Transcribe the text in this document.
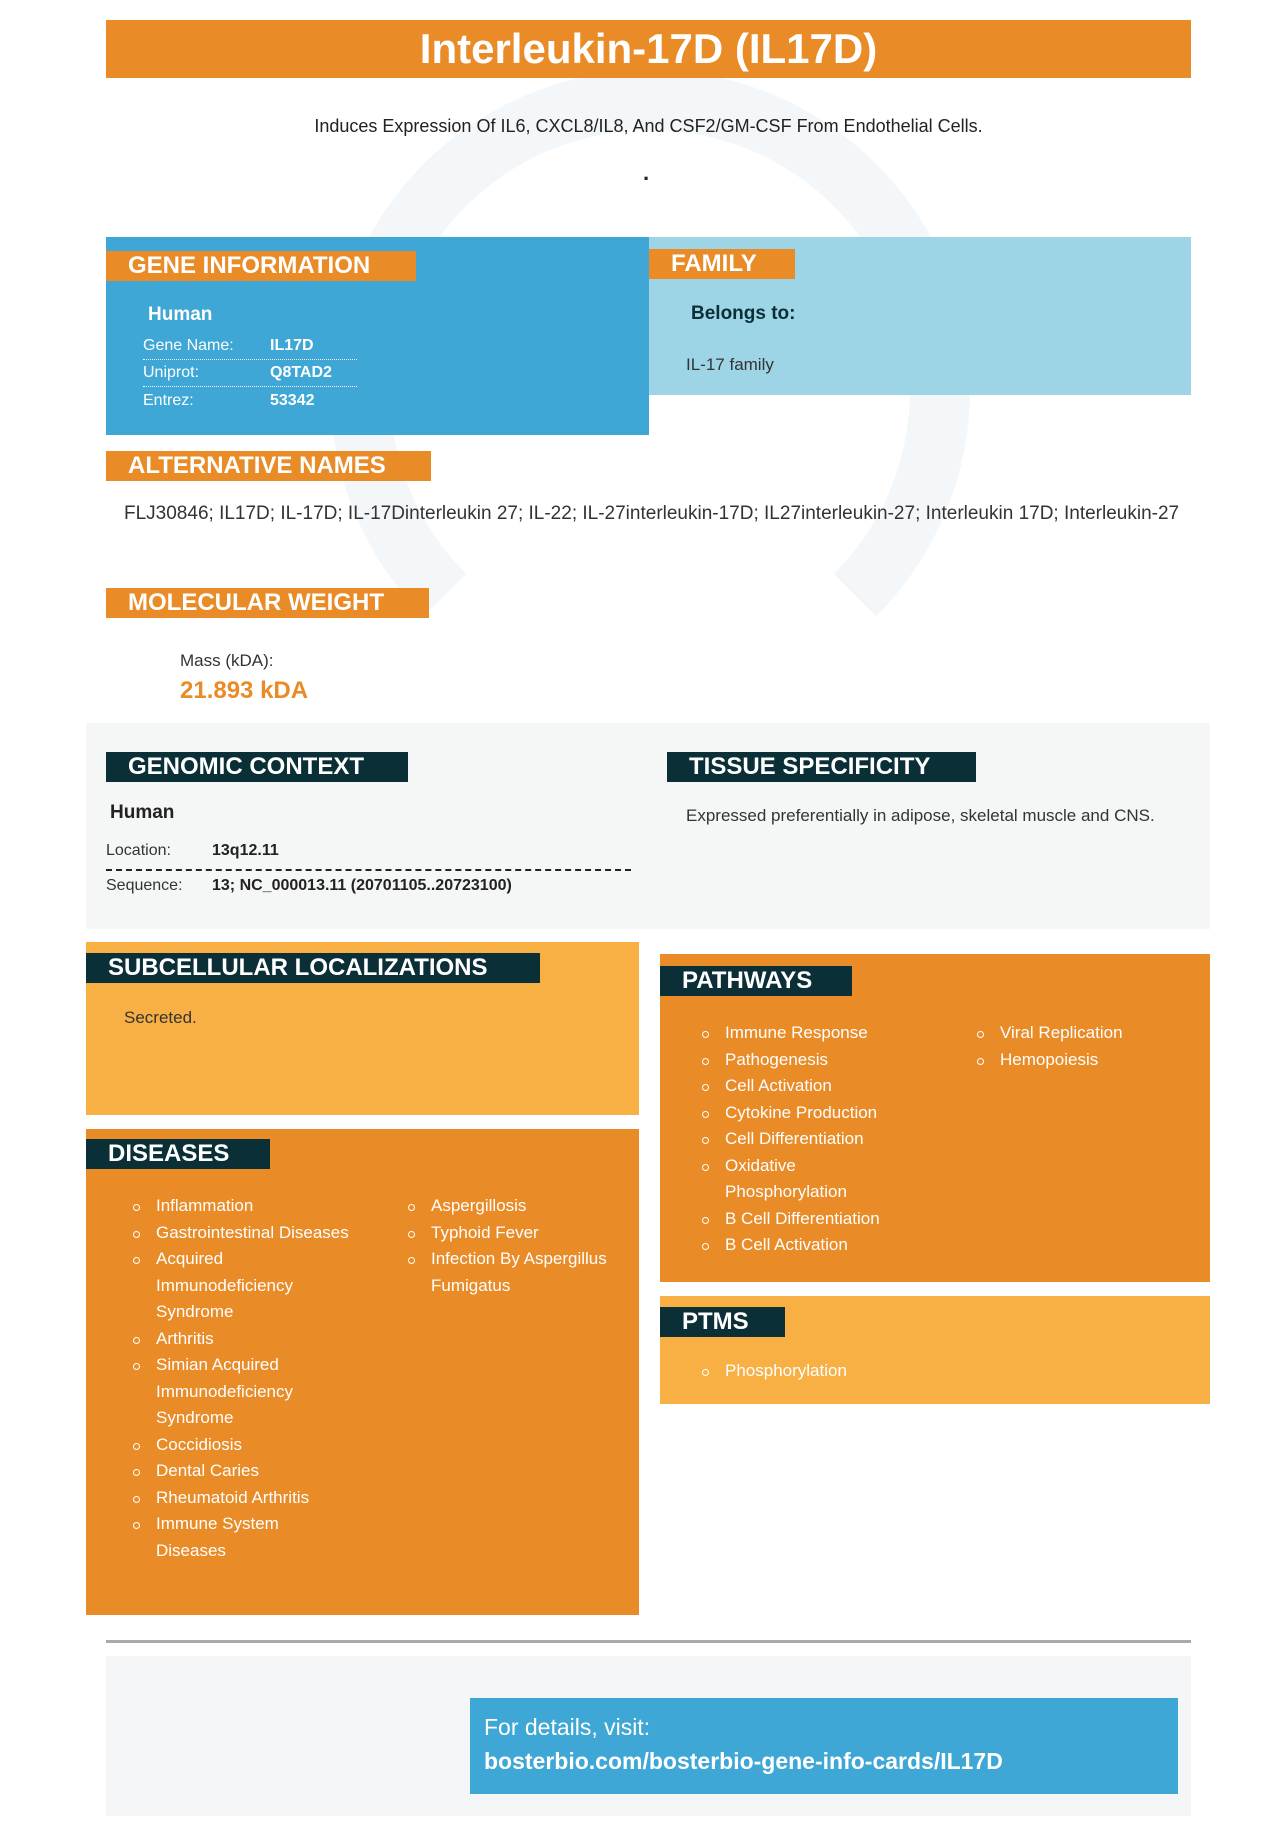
Interleukin-17D (IL17D)
Induces Expression Of IL6, CXCL8/IL8, And CSF2/GM-CSF From Endothelial Cells.
.
GENE INFORMATION
Human
Gene Name:	IL17D
Uniprot:	Q8TAD2
Entrez:	53342
FAMILY
Belongs to:
IL-17 family
ALTERNATIVE NAMES
FLJ30846; IL17D; IL-17D; IL-17Dinterleukin 27; IL-22; IL-27interleukin-17D; IL27interleukin-27; Interleukin 17D; Interleukin-27
MOLECULAR WEIGHT
Mass (kDA):
21.893 kDA
GENOMIC CONTEXT
Human
Location:	13q12.11
Sequence: 13; NC_000013.11 (20701105..20723100)
TISSUE SPECIFICITY
Expressed preferentially in adipose, skeletal muscle and CNS.
SUBCELLULAR LOCALIZATIONS
Secreted.
DISEASES
Inflammation
Gastrointestinal Diseases
Acquired Immunodeficiency Syndrome
Arthritis
Simian Acquired Immunodeficiency Syndrome
Coccidiosis
Dental Caries
Rheumatoid Arthritis
Immune System Diseases
Aspergillosis
Typhoid Fever
Infection By Aspergillus Fumigatus
PATHWAYS
Immune Response
Pathogenesis
Cell Activation
Cytokine Production
Cell Differentiation
Oxidative Phosphorylation
B Cell Differentiation
B Cell Activation
Viral Replication
Hemopoiesis
PTMS
Phosphorylation
For details, visit:
bosterbio.com/bosterbio-gene-info-cards/IL17D
